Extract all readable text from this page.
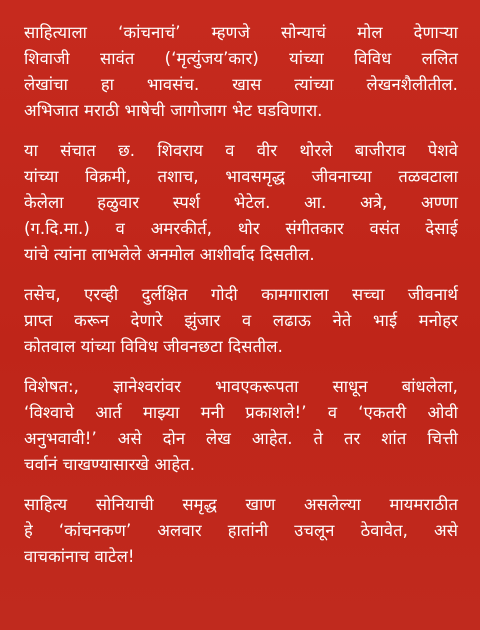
साहित्याला ‘कांचनाचं’ म्हणजे सोन्याचं मोल देणाऱ्या
शिवाजी सावंत (‘मृत्युंजय’कार) यांच्या विविध ललित
लेखांचा हा भावसंच. खास त्यांच्या लेखनशैलीतील.
अभिजात मराठी भाषेची जागोजाग भेट घडविणारा.
या संचात छ. शिवराय व वीर थोरले बाजीराव पेशवे
यांच्या विक्रमी, तशाच, भावसमृद्ध जीवनाच्या तळवटाला
केलेला हळुवार स्पर्श भेटेल. आ. अत्रे, अण्णा
(ग.दि.मा.) व अमरकीर्त, थोर संगीतकार वसंत देसाई
यांचे त्यांना लाभलेले अनमोल आशीर्वाद दिसतील.
तसेच, एरव्ही दुर्लक्षित गोदी कामगाराला सच्चा जीवनार्थ
प्राप्त करून देणारे झुंजार व लढाऊ नेते भाई मनोहर
कोतवाल यांच्या विविध जीवनछटा दिसतील.
विशेषत:, ज्ञानेश्वरांवर भावएकरूपता साधून बांधलेला,
‘विश्वाचे आर्त माझ्या मनी प्रकाशले!’ व ‘एकतरी ओवी
अनुभवावी!’ असे दोन लेख आहेत. ते तर शांत चित्ती
चर्वानं चाखण्यासारखे आहेत.
साहित्य सोनियाची समृद्ध खाण असलेल्या मायमराठीत
हे ‘कांचनकण’ अलवार हातांनी उचलून ठेवावेत, असे
वाचकांनाच वाटेल!
